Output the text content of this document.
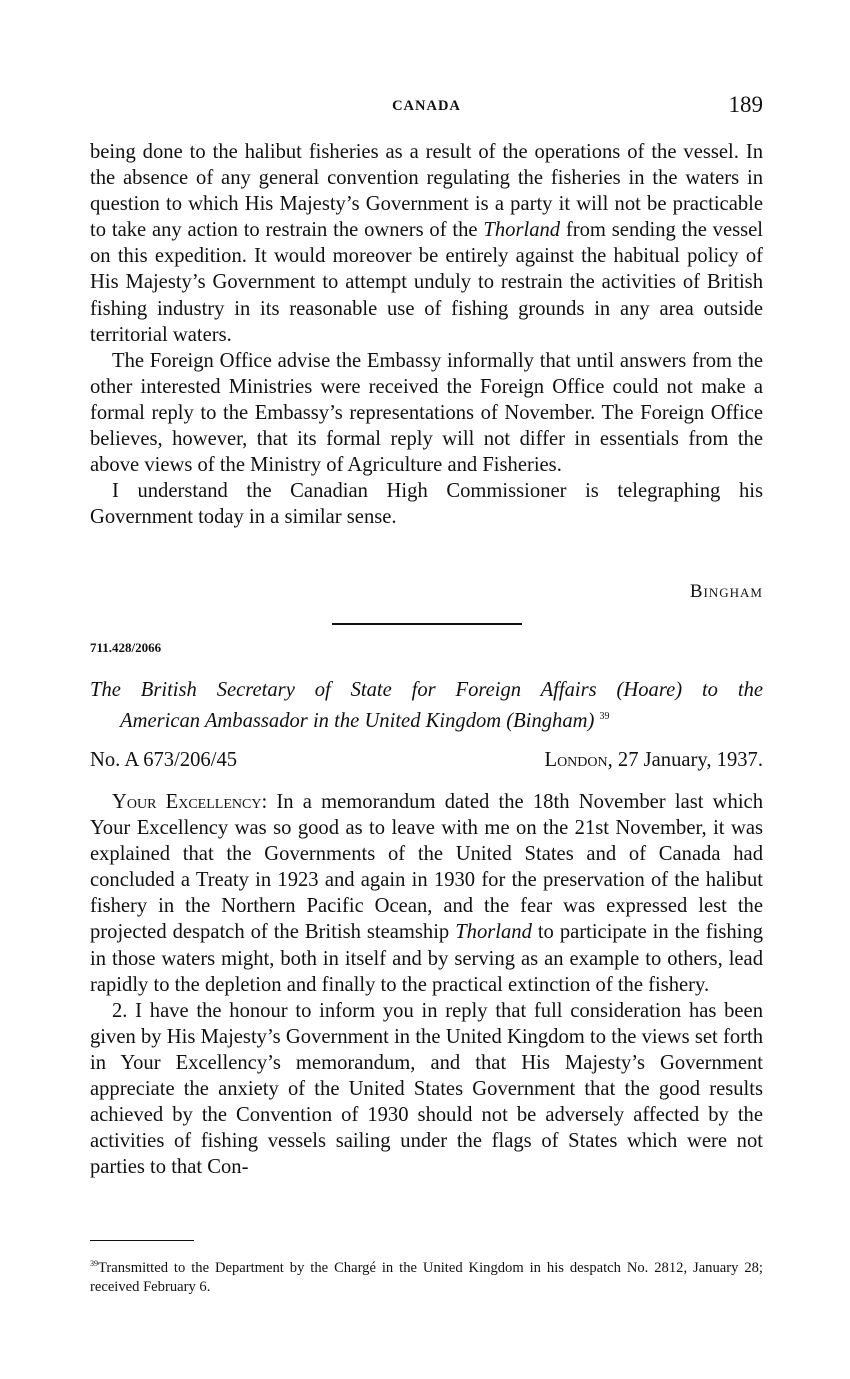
CANADA	189

being done to the halibut fisheries as a result of the operations of the vessel. In the absence of any general convention regulating the fisheries in the waters in question to which His Majesty’s Government is a party it will not be practicable to take any action to restrain the owners of the Thorland from sending the vessel on this expedition. It would moreover be entirely against the habitual policy of His Majesty’s Government to attempt unduly to restrain the activities of British fishing industry in its reasonable use of fishing grounds in any area outside territorial waters.

The Foreign Office advise the Embassy informally that until answers from the other interested Ministries were received the Foreign Office could not make a formal reply to the Embassy’s representations of November. The Foreign Office believes, however, that its formal reply will not differ in essentials from the above views of the Ministry of Agriculture and Fisheries.

I understand the Canadian High Commissioner is telegraphing his Government today in a similar sense.

Bingham
711.428/2066
The British Secretary of State for Foreign Affairs (Hoare) to the
American Ambassador in the United Kingdom (Bingham) $^{39}$
No. A 673/206/45	London, 27 January, 1937.

Your Excellency: In a memorandum dated the 18th November last which Your Excellency was so good as to leave with me on the 21st November, it was explained that the Governments of the United States and of Canada had concluded a Treaty in 1923 and again in 1930 for the preservation of the halibut fishery in the Northern Pacific Ocean, and the fear was expressed lest the projected despatch of the British steamship Thorland to participate in the fishing in those waters might, both in itself and by serving as an example to others, lead rapidly to the depletion and finally to the practical extinction of the fishery.

2. I have the honour to inform you in reply that full consideration has been given by His Majesty’s Government in the United Kingdom to the views set forth in Your Excellency’s memorandum, and that His Majesty’s Government appreciate the anxiety of the United States Government that the good results achieved by the Convention of 1930 should not be adversely affected by the activities of fishing vessels sailing under the flags of States which were not parties to that Con-

$^{39}$Transmitted to the Department by the Chargé in the United Kingdom in his despatch No. 2812, January 28; received February 6.
